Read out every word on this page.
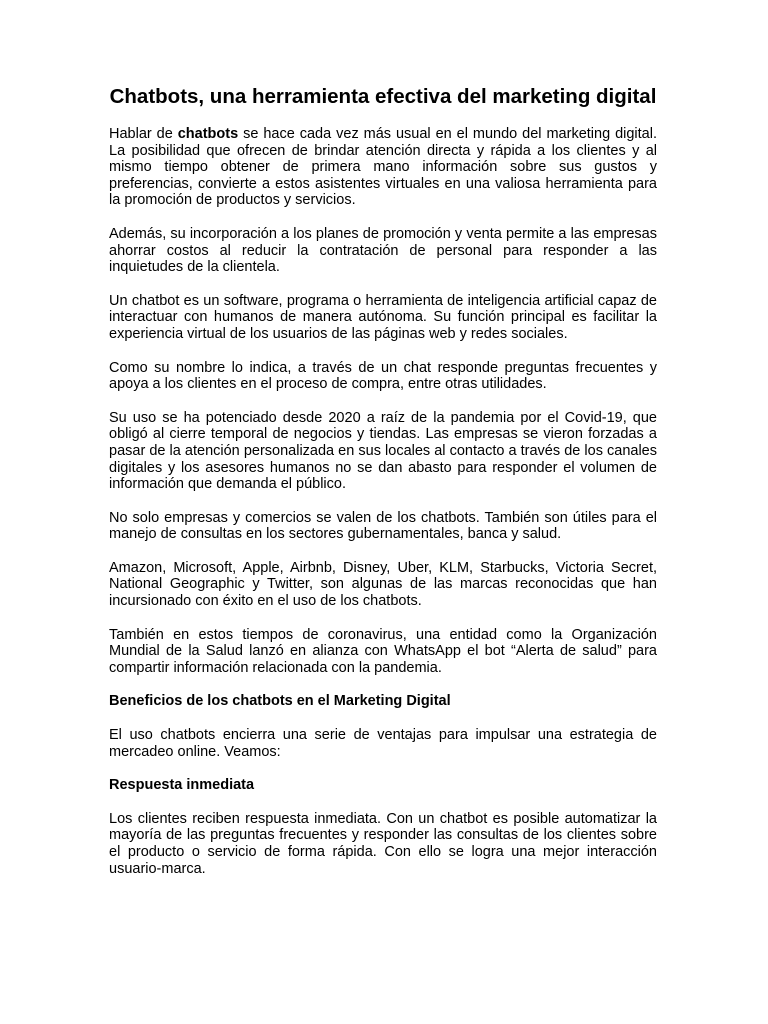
Chatbots, una herramienta efectiva del marketing digital

Hablar de chatbots se hace cada vez más usual en el mundo del marketing digital. La posibilidad que ofrecen de brindar atención directa y rápida a los clientes y al mismo tiempo obtener de primera mano información sobre sus gustos y preferencias, convierte a estos asistentes virtuales en una valiosa herramienta para la promoción de productos y servicios.

Además, su incorporación a los planes de promoción y venta permite a las empresas ahorrar costos al reducir la contratación de personal para responder a las inquietudes de la clientela.

Un chatbot es un software, programa o herramienta de inteligencia artificial capaz de interactuar con humanos de manera autónoma. Su función principal es facilitar la experiencia virtual de los usuarios de las páginas web y redes sociales.

Como su nombre lo indica, a través de un chat responde preguntas frecuentes y apoya a los clientes en el proceso de compra, entre otras utilidades.

Su uso se ha potenciado desde 2020 a raíz de la pandemia por el Covid-19, que obligó al cierre temporal de negocios y tiendas. Las empresas se vieron forzadas a pasar de la atención personalizada en sus locales al contacto a través de los canales digitales y los asesores humanos no se dan abasto para responder el volumen de información que demanda el público.

No solo empresas y comercios se valen de los chatbots. También son útiles para el manejo de consultas en los sectores gubernamentales, banca y salud.

Amazon, Microsoft, Apple, Airbnb, Disney, Uber, KLM, Starbucks, Victoria Secret, National Geographic y Twitter, son algunas de las marcas reconocidas que han incursionado con éxito en el uso de los chatbots.

También en estos tiempos de coronavirus, una entidad como la Organización Mundial de la Salud lanzó en alianza con WhatsApp el bot “Alerta de salud” para compartir información relacionada con la pandemia.

Beneficios de los chatbots en el Marketing Digital

El uso chatbots encierra una serie de ventajas para impulsar una estrategia de mercadeo online. Veamos:

Respuesta inmediata

Los clientes reciben respuesta inmediata. Con un chatbot es posible automatizar la mayoría de las preguntas frecuentes y responder las consultas de los clientes sobre el producto o servicio de forma rápida. Con ello se logra una mejor interacción usuario-marca.
